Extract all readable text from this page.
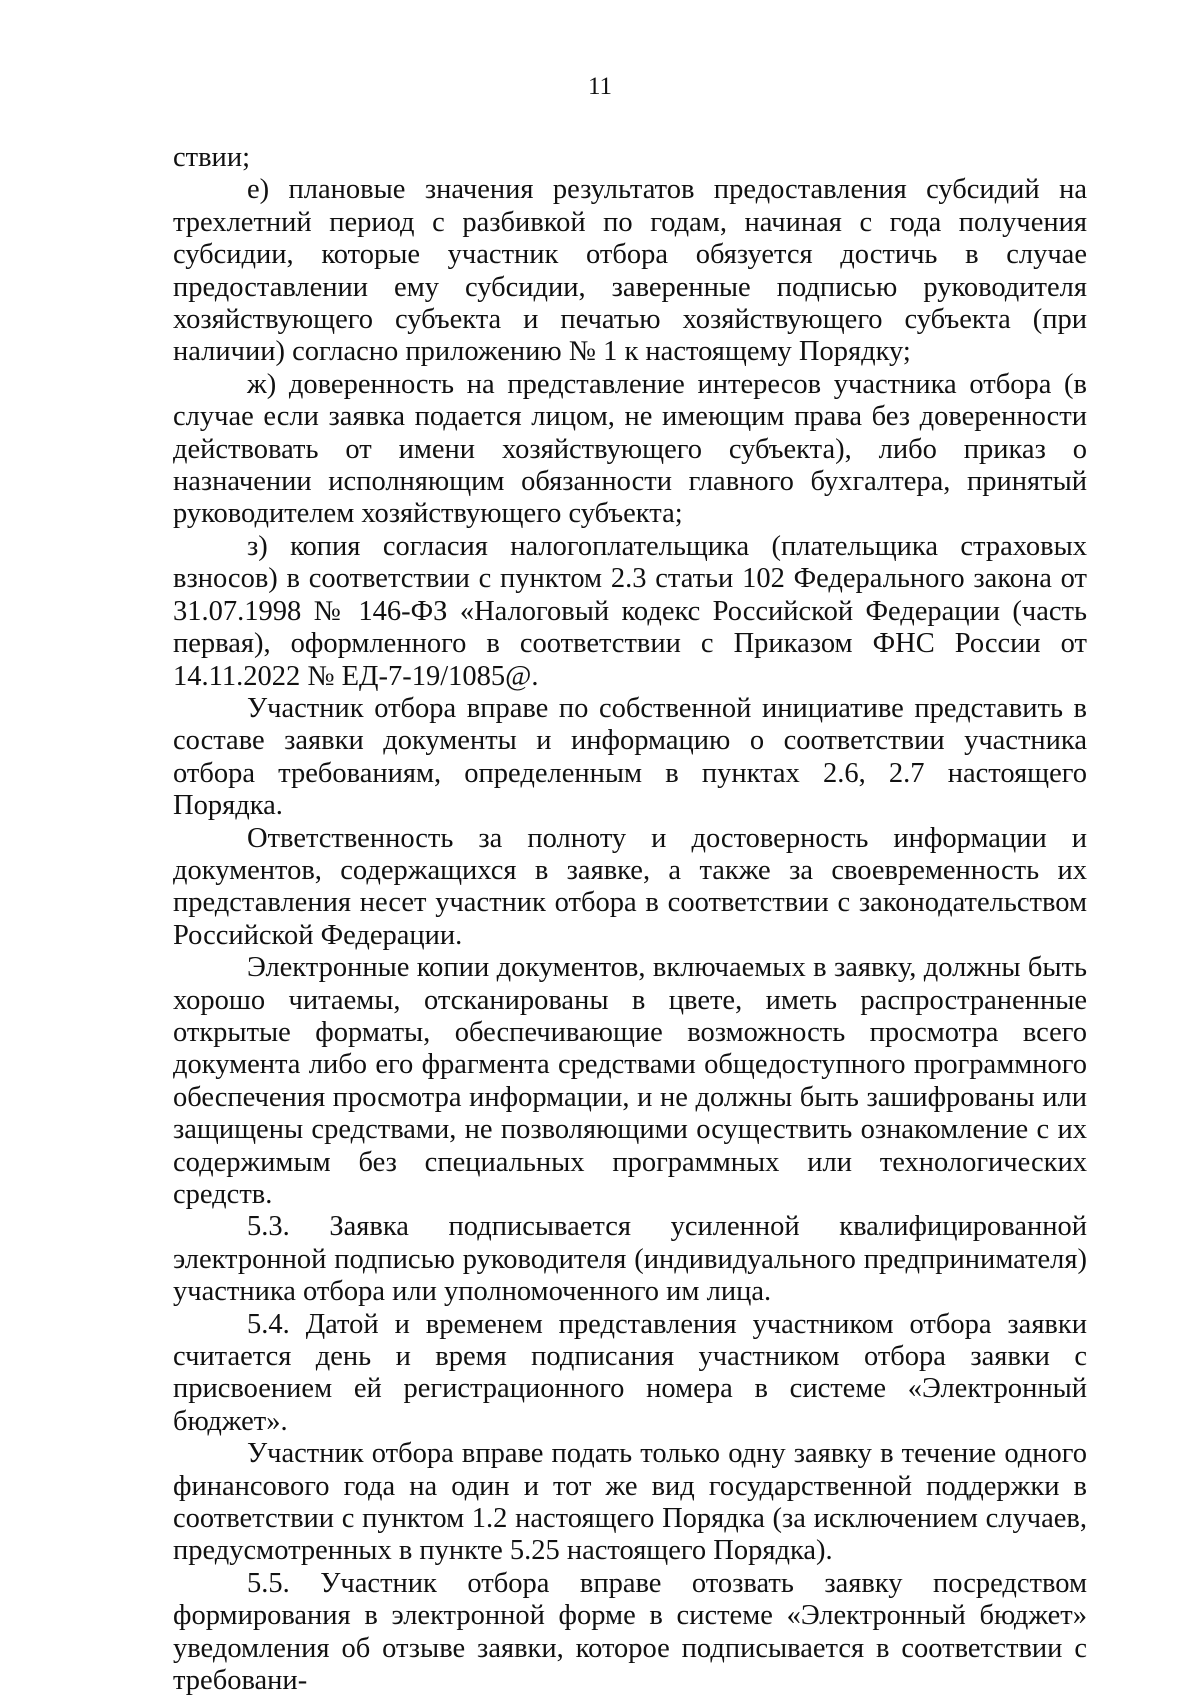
11

ствии;

е) плановые значения результатов предоставления субсидий на трехлетний период с разбивкой по годам, начиная с года получения субсидии, которые участник отбора обязуется достичь в случае предоставлении ему субсидии, заверенные подписью руководителя хозяйствующего субъекта и печатью хозяйствующего субъекта (при наличии) согласно приложению № 1 к настоящему Порядку;

ж) доверенность на представление интересов участника отбора (в случае если заявка подается лицом, не имеющим права без доверенности действовать от имени хозяйствующего субъекта), либо приказ о назначении исполняющим обязанности главного бухгалтера, принятый руководителем хозяйствующего субъекта;

з) копия согласия налогоплательщика (плательщика страховых взносов) в соответствии с пунктом 2.3 статьи 102 Федерального закона от 31.07.1998 № 146-ФЗ «Налоговый кодекс Российской Федерации (часть первая), оформленного в соответствии с Приказом ФНС России от 14.11.2022 № ЕД-7-19/1085@.

Участник отбора вправе по собственной инициативе представить в составе заявки документы и информацию о соответствии участника отбора требованиям, определенным в пунктах 2.6, 2.7 настоящего Порядка.

Ответственность за полноту и достоверность информации и документов, содержащихся в заявке, а также за своевременность их представления несет участник отбора в соответствии с законодательством Российской Федерации.

Электронные копии документов, включаемых в заявку, должны быть хорошо читаемы, отсканированы в цвете, иметь распространенные открытые форматы, обеспечивающие возможность просмотра всего документа либо его фрагмента средствами общедоступного программного обеспечения просмотра информации, и не должны быть зашифрованы или защищены средствами, не позволяющими осуществить ознакомление с их содержимым без специальных программных или технологических средств.

5.3. Заявка подписывается усиленной квалифицированной электронной подписью руководителя (индивидуального предпринимателя) участника отбора или уполномоченного им лица.

5.4. Датой и временем представления участником отбора заявки считается день и время подписания участником отбора заявки с присвоением ей регистрационного номера в системе «Электронный бюджет».

Участник отбора вправе подать только одну заявку в течение одного финансового года на один и тот же вид государственной поддержки в соответствии с пунктом 1.2 настоящего Порядка (за исключением случаев, предусмотренных в пункте 5.25 настоящего Порядка).

5.5. Участник отбора вправе отозвать заявку посредством формирования в электронной форме в системе «Электронный бюджет» уведомления об отзыве заявки, которое подписывается в соответствии с требовани-
